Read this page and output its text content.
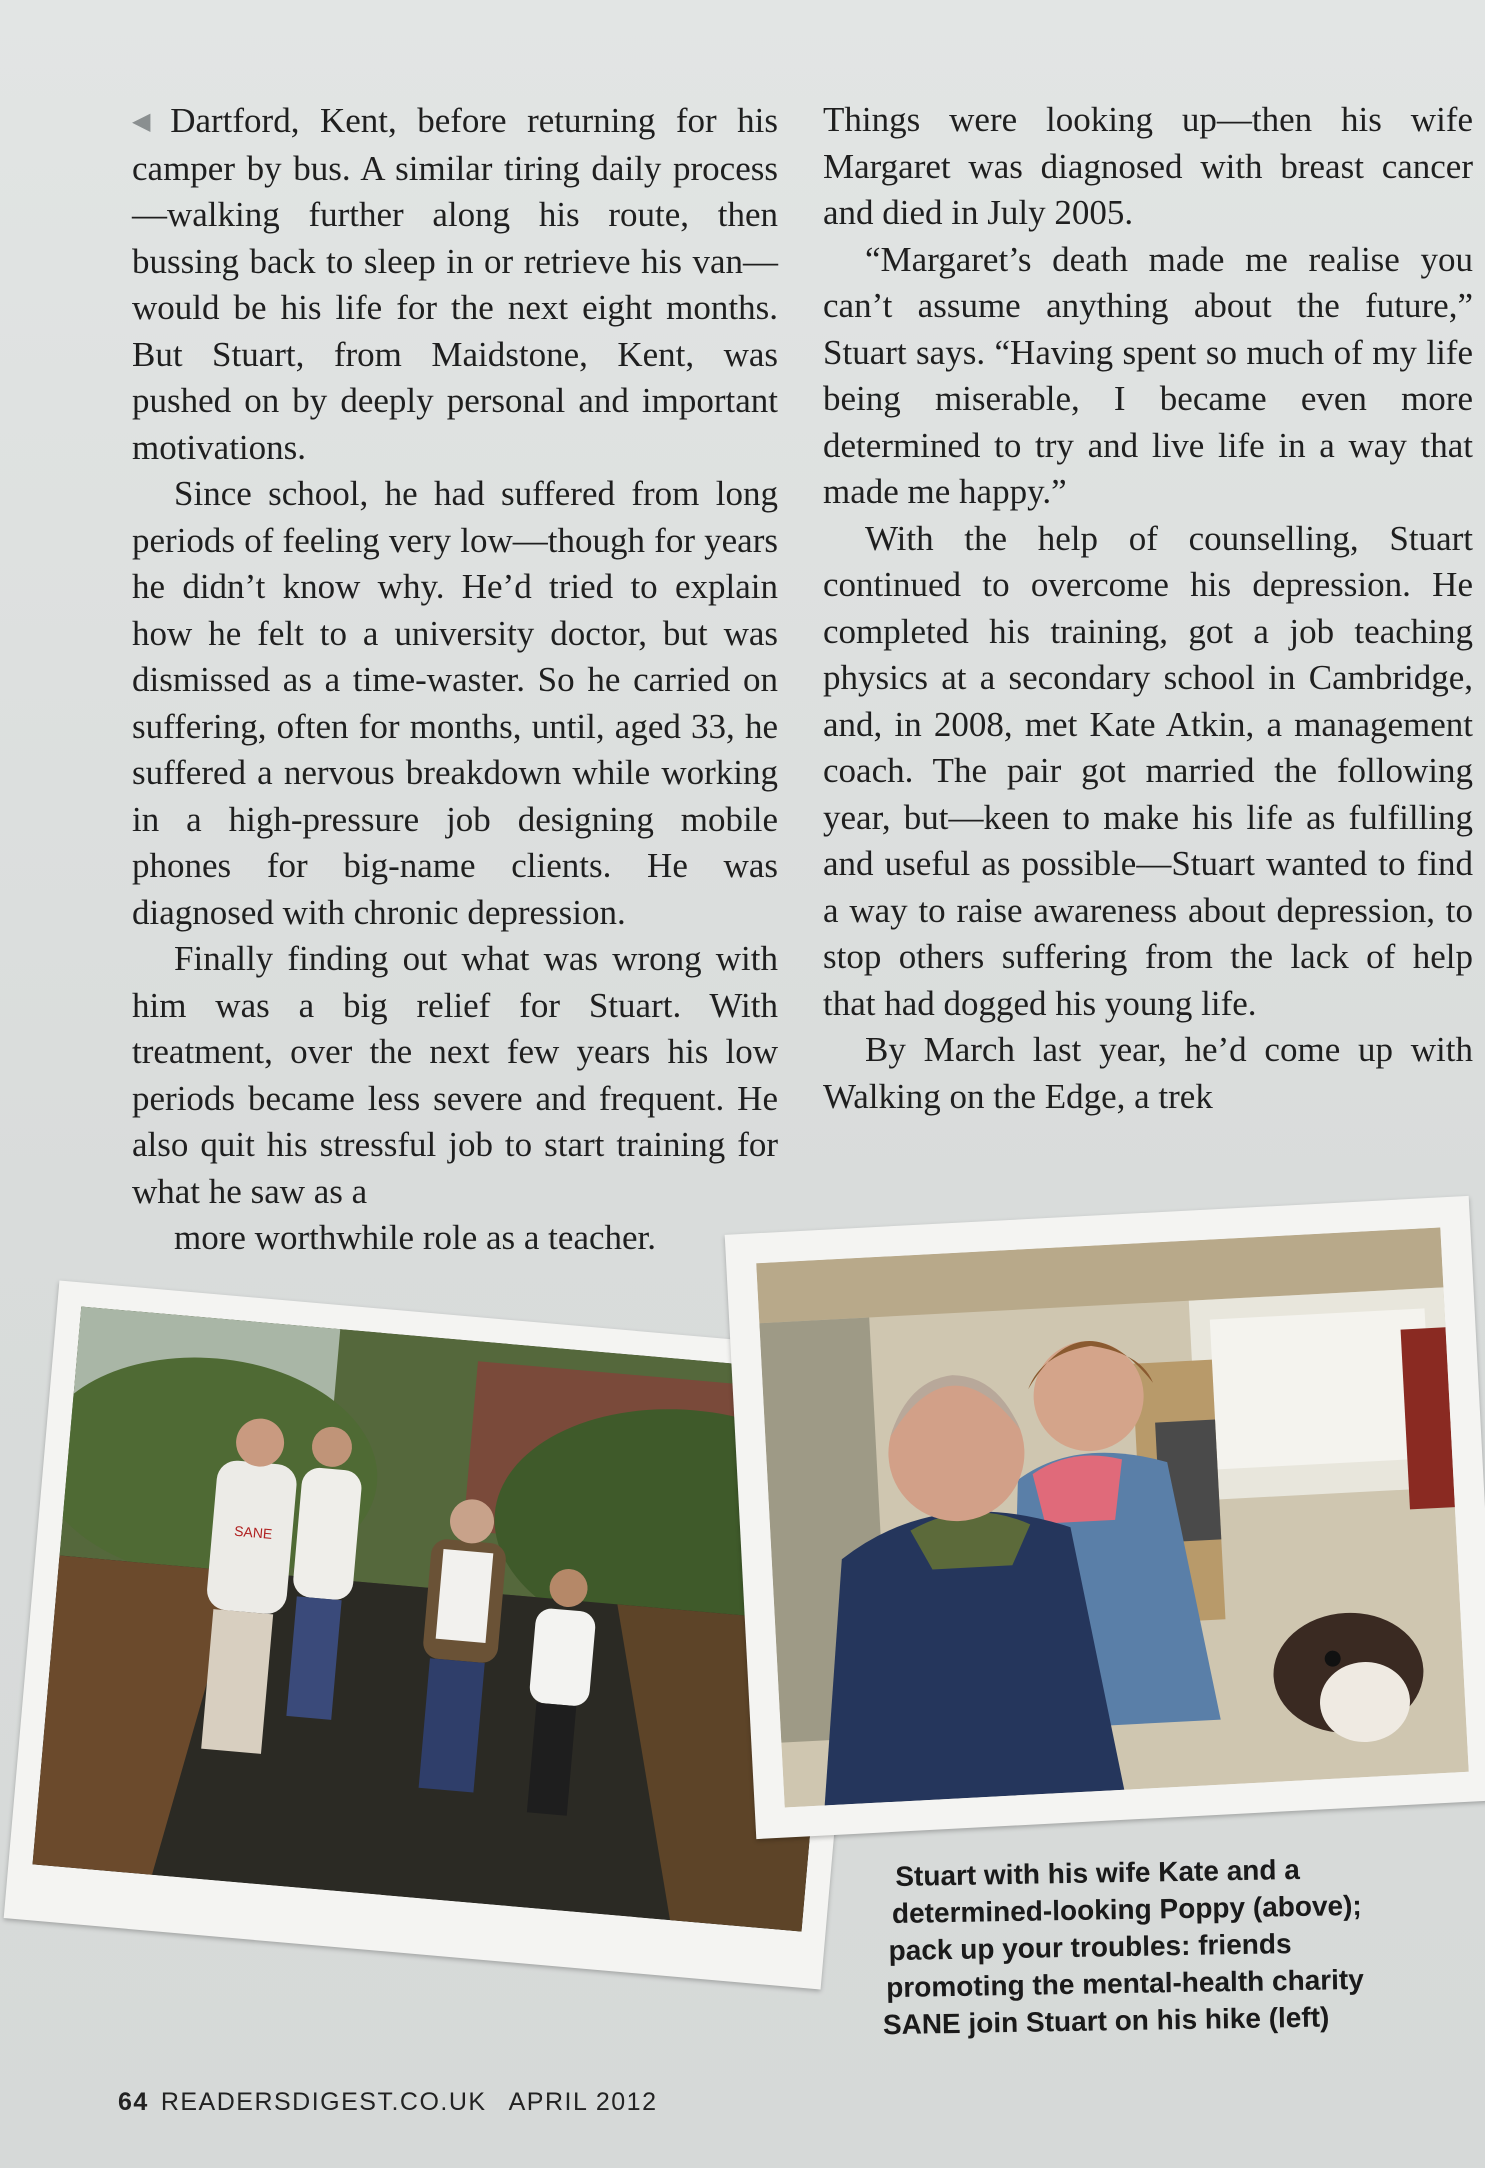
◀ Dartford, Kent, before returning for his camper by bus. A similar tiring daily process—walking further along his route, then bussing back to sleep in or retrieve his van—would be his life for the next eight months. But Stuart, from Maidstone, Kent, was pushed on by deeply personal and important motivations.

Since school, he had suffered from long periods of feeling very low—though for years he didn’t know why. He’d tried to explain how he felt to a university doctor, but was dismissed as a time-waster. So he carried on suffering, often for months, until, aged 33, he suffered a nervous breakdown while working in a high-pressure job designing mobile phones for big-name clients. He was diagnosed with chronic depression.

Finally finding out what was wrong with him was a big relief for Stuart. With treatment, over the next few years his low periods became less severe and frequent. He also quit his stressful job to start training for what he saw as a
more worthwhile role as a teacher.

Things were looking up—then his wife Margaret was diagnosed with breast cancer and died in July 2005.

“Margaret’s death made me realise you can’t assume anything about the future,” Stuart says. “Having spent so much of my life being miserable, I became even more determined to try and live life in a way that made me happy.”

With the help of counselling, Stuart continued to overcome his depression. He completed his training, got a job teaching physics at a secondary school in Cambridge, and, in 2008, met Kate Atkin, a management coach. The pair got married the following year, but—keen to make his life as fulfilling and useful as possible—Stuart wanted to find a way to raise awareness about depression, to stop others suffering from the lack of help that had dogged his young life.

By March last year, he’d come up with Walking on the Edge, a trek

SANE
Stuart with his wife Kate and a
determined-looking Poppy (above);
pack up your troubles: friends
promoting the mental-health charity
SANE join Stuart on his hike (left)
64 READERSDIGEST.CO.UK APRIL 2012
